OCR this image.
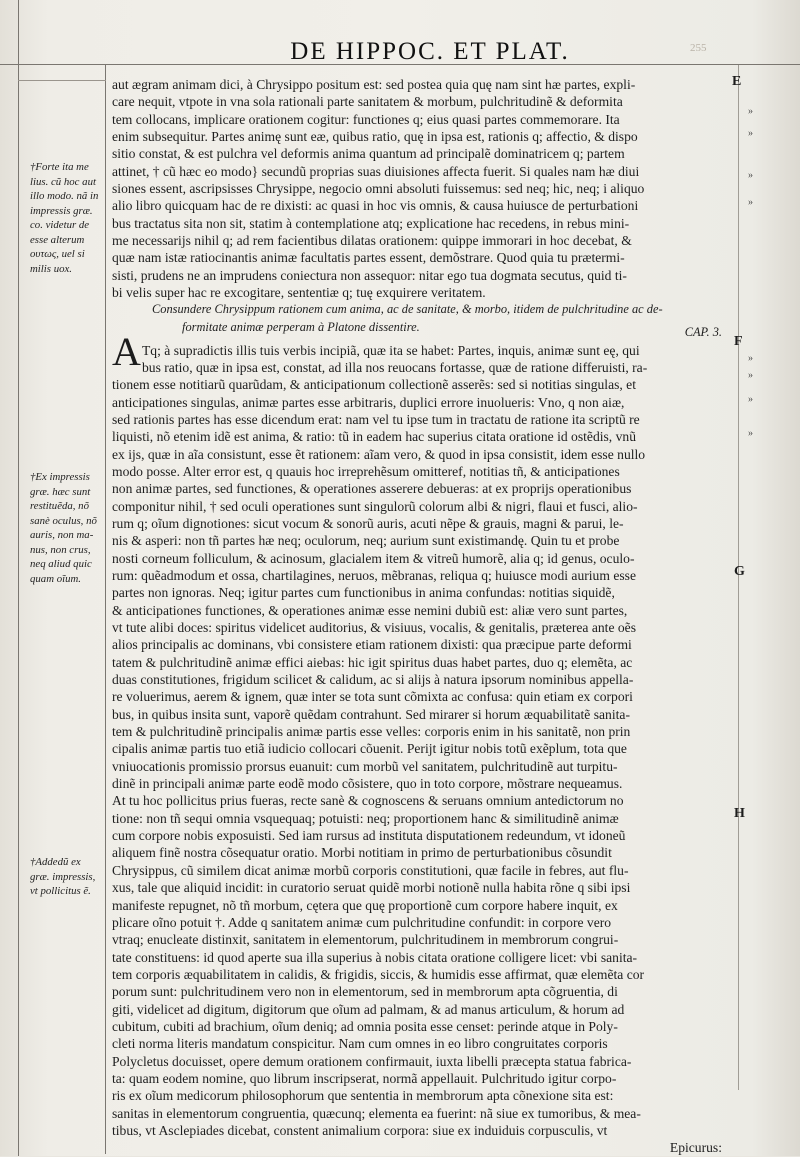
DE HIPPOC. ET PLAT.	255
†Forte ita me
lius. cũ hoc aut
illo modo. nã in
impressis græ.
co. videtur de
esse alterum
ουτως, uel si
milis uox.
†Ex impressis
græ. hæc sunt
restituẽda, nõ
sanè oculus, nõ
auris, non ma-
nus, non crus,
neq aliud quic
quam oĩum.
†Addedũ ex
græ. impressis,
vt pollicitus ẽ.
E
F
G
H
»
»
»
»
»
»
»
»
A
aut ægram animam dici, à Chrysippo positum est: sed postea quia quę nam sint hæ partes, expli-
care nequit, vtpote in vna sola rationali parte sanitatem & morbum, pulchritudinẽ & deformita
tem collocans, implicare orationem cogitur: functiones q; eius quasi partes commemorare. Ita
enim subsequitur. Partes animę sunt eæ, quibus ratio, quę in ipsa est, rationis q; affectio, & dispo
sitio constat, & est pulchra vel deformis anima quantum ad principalẽ dominatricem q; partem
attinet, † cũ hæc eo modo} secundũ proprias suas diuisiones affecta fuerit. Si quales nam hæ diui
siones essent, ascripsisses Chrysippe, negocio omni absoluti fuissemus: sed neq; hic, neq; i aliquo
alio libro quicquam hac de re dixisti: ac quasi in hoc vis omnis, & causa huiusce de perturbationi
bus tractatus sita non sit, statim à contemplatione atq; explicatione hac recedens, in rebus mini-
me necessarijs nihil q; ad rem facientibus dilatas orationem: quippe immorari in hoc decebat, &
quæ nam istæ ratiocinantis animæ facultatis partes essent, demõstrare. Quod quia tu prætermi-
sisti, prudens ne an imprudens coniectura non assequor: nitar ego tua dogmata secutus, quid ti-
bi velis super hac re excogitare, sententiæ q; tuę exquirere veritatem.
Consundere Chrysippum rationem cum anima, ac de sanitate, & morbo, itidem de pulchritudine ac de-
formitate animæ perperam à Platone dissentire.	CAP. 3.
Tq; à supradictis illis tuis verbis incipiã, quæ ita se habet: Partes, inquis, animæ sunt eę, qui
bus ratio, quæ in ipsa est, constat, ad illa nos reuocans fortasse, quæ de ratione differuisti, ra-
tionem esse notitiarũ quarũdam, & anticipationum collectionẽ asserẽs: sed si notitias singulas, et
anticipationes singulas, animæ partes esse arbitraris, duplici errore inuolueris: Vno, q non aiæ,
sed rationis partes has esse dicendum erat: nam vel tu ipse tum in tractatu de ratione ita scriptũ re
liquisti, nõ etenim idẽ est anima, & ratio: tũ in eadem hac superius citata oratione id ostẽdis, vnũ
ex ijs, quæ in aĩa consistunt, esse ẽt rationem: aĩam vero, & quod in ipsa consistit, idem esse nullo
modo posse. Alter error est, q quauis hoc irreprehẽsum omitteref, notitias tñ, & anticipationes
non animæ partes, sed functiones, & operationes asserere debueras: at ex proprijs operationibus
componitur nihil, † sed oculi operationes sunt singulorũ colorum albi & nigri, flaui et fusci, alio-
rum q; oĩum dignotiones: sicut vocum & sonorũ auris, acuti nẽpe & grauis, magni & parui, le-
nis & asperi: non tñ partes hæ neq; oculorum, neq; aurium sunt existimandę. Quin tu et probe
nosti corneum folliculum, & acinosum, glacialem item & vitreũ humorẽ, alia q; id genus, oculo-
rum: quẽadmodum et ossa, chartilagines, neruos, mẽbranas, reliqua q; huiusce modi aurium esse
partes non ignoras. Neq; igitur partes cum functionibus in anima confundas: notitias siquidẽ,
& anticipationes functiones, & operationes animæ esse nemini dubiũ est: aliæ vero sunt partes,
vt tute alibi doces: spiritus videlicet auditorius, & visiuus, vocalis, & genitalis, præterea ante oẽs
alios principalis ac dominans, vbi consistere etiam rationem dixisti: qua præcipue parte deformi
tatem & pulchritudinẽ animæ effici aiebas: hic igit spiritus duas habet partes, duo q; elemẽta, ac
duas constitutiones, frigidum scilicet & calidum, ac si alijs à natura ipsorum nominibus appella-
re voluerimus, aerem & ignem, quæ inter se tota sunt cõmixta ac confusa: quin etiam ex corpori
bus, in quibus insita sunt, vaporẽ quẽdam contrahunt. Sed mirarer si horum æquabilitatẽ sanita-
tem & pulchritudinẽ principalis animæ partis esse velles: corporis enim in his sanitatẽ, non prin
cipalis animæ partis tuo etiã iudicio collocari cõuenit. Perijt igitur nobis totũ exẽplum, tota que
vniuocationis promissio prorsus euanuit: cum morbũ vel sanitatem, pulchritudinẽ aut turpitu-
dinẽ in principali animæ parte eodẽ modo cõsistere, quo in toto corpore, mõstrare nequeamus.
At tu hoc pollicitus prius fueras, recte sanè & cognoscens & seruans omnium antedictorum no
tione: non tñ sequi omnia vsquequaq; potuisti: neq; proportionem hanc & similitudinẽ animæ
cum corpore nobis exposuisti. Sed iam rursus ad instituta disputationem redeundum, vt idoneũ
aliquem finẽ nostra cõsequatur oratio. Morbi notitiam in primo de perturbationibus cõsundit
Chrysippus, cũ similem dicat animæ morbũ corporis constitutioni, quæ facile in febres, aut flu-
xus, tale que aliquid incidit: in curatorio seruat quidẽ morbi notionẽ nulla habita rõne q sibi ipsi
manifeste repugnet, nõ tñ morbum, cętera que quę proportionẽ cum corpore habere inquit, ex
plicare oĩno potuit †. Adde q sanitatem animæ cum pulchritudine confundit: in corpore vero
vtraq; enucleate distinxit, sanitatem in elementorum, pulchritudinem in membrorum congrui-
tate constituens: id quod aperte sua illa superius à nobis citata oratione colligere licet: vbi sanita-
tem corporis æquabilitatem in calidis, & frigidis, siccis, & humidis esse affirmat, quæ elemẽta cor
porum sunt: pulchritudinem vero non in elementorum, sed in membrorum apta cõgruentia, di
giti, videlicet ad digitum, digitorum que oĩum ad palmam, & ad manus articulum, & horum ad
cubitum, cubiti ad brachium, oĩum deniq; ad omnia posita esse censet: perinde atque in Poly-
cleti norma literis mandatum conspicitur. Nam cum omnes in eo libro congruitates corporis
Polycletus docuisset, opere demum orationem confirmauit, iuxta libelli præcepta statua fabrica-
ta: quam eodem nomine, quo librum inscripserat, normã appellauit. Pulchritudo igitur corpo-
ris ex oĩum medicorum philosophorum que sententia in membrorum apta cõnexione sita est:
sanitas in elementorum congruentia, quæcunq; elementa ea fuerint: nã siue ex tumoribus, & mea-
tibus, vt Asclepiades dicebat, constent animalium corpora: siue ex induiduis corpusculis, vt
Epicurus:
